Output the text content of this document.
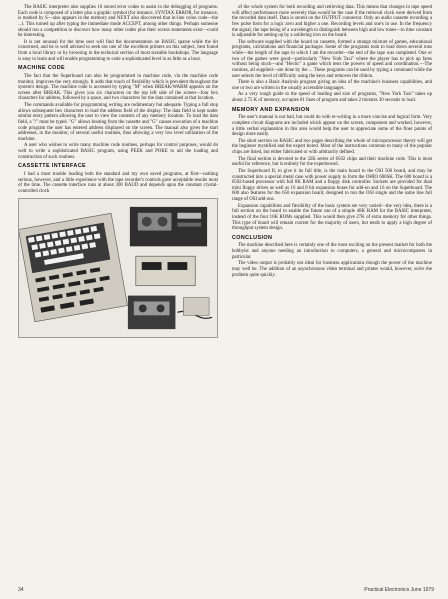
The BASIC interpreter also supplies 10 stored error codes to assist in the debugging of programs. Each code is composed of a letter plus a graphic symbol (for instance, SYNTAX ERROR, for instance, is marked by S—also appears in the memory and NEXT also discovered that in-line colon code—the ...). This turned up after typing the immediate mode ACCEPT, among other things. Perhaps someone should run a competition to discover how many other codes plus their access statements exist—could be interesting.

It is not unusual for the time user will find the documentation on BASIC sparse while the kit concerned, and he is well advised to seek out one of the excellent primers on this subject, best found from a local library or by browsing in the technical section of most sizeable bookshops. The language is easy to learn and will enable programming to code a sophisticated level in as little as a hour.

MACHINE CODE

The fact that the Superboard can also be programmed in machine code, via the machine code monitor, improves the very strongly. It adds that touch of flexibility which is prevalent throughout the system's design. The machine code is accessed by typing "M" when BREAK/WARM appears on the screen after BREAK. This gives you six characters on the top left side of the screen—four hex characters for address, followed by a space, and two characters for the data contained at that location.

The commands available for programming writing are rudimentary but adequate. Typing a full stop allows subsequent hex characters to load the address field of the display. The data field is kept under similar entry pattern allowing the user to view the contents of any memory location. To load the data field, a "/" must be typed. "G" allows booting from the cassette and "G" causes execution of a machine code program the user has entered address displayed on the screen. The manual also gives the start addresses, in the monitor, of several useful routines, thus allowing a very low level utilization of the machine.

A user who wishes to write many machine code routines, perhaps for control purposes, would do well to write a sophisticated BASIC program, using PEEK and POKE to aid the loading and construction of such routines.

CASSETTE INTERFACE

I had a most trouble loading both the standard and my own saved programs, at first—nothing serious, however, and a little experience with the tape recorder's controls gave acceptable results most of the time. The cassette interface runs at about 300 BAUD and depends upon the constant crystal-controlled clock

of the whole system for both recording and retrieving data. This means that changes in tape speed will affect performance more severely than would be the case if the retrieval clock were derived from the recorded data itself. Data is stored on the OUTPUT connector. Only an audio cassette recording a few pulse form for a logic zero and higher a one. Recording levels and one's in use. In the frequency the signal, the tape being of a wavelength to distinguish between high and low tones—in time constant is adjustable for setting up by a soldering iron on the board.

The software supplied with the board on cassette, formed a strange mixture of games, educational programs, calculations and financial packages. Some of the programs took to load down several runs while—the length of the tape in which I am the recorder—the end of the tape was completed. One or two of the games were good—particularly "New York Taxi" where the player has to pick up fares without being stuck—and "Hectic" a game which tests the powers of speed and coordination.—The routines, all supplied—are done by the ... These programs can be used by typing a command while the user selects the level of difficulty using the keys and removes the ribbon.

There is also a Basic Analysis program giving an idea of the machine's business capabilities, and one or two are written in the usually accessible languages.

As a very rough guide to the speed of loading and size of programs, "New York Taxi" takes up about 2.75 K of memory, occupies 81 lines of program and takes 2 minutes 30 seconds to load.

MEMORY AND EXPANSION

The user's manual is not bad, but could do with re-writing in a more concise and logical form. Very complete circuit diagrams are included which appear on the screen, component and worked, however, a little verbal explanation in this area would help the user to appreciate some of the finer points of design more easily.

The short section on BASIC and two pages describing the whole of microprocessor theory will get the beginner mystified and the expert bored. Most of the instructions common to many of the popular chips are listed, but either fabricated or with arbitrarily defined.

The final section is devoted to the 32K series of 6502 chips and their machine code. This is most useful for reference, but is entirely for the experienced.

The Superboard II, to give it its full title, is the main board to the OSI 500 board, and may be constructed into a special metal case with power supply to form the OHIO 600SK. The 600 board is a 6502-based processor with full 8K RAM and a floppy disk controller. Sockets are provided for dual mini floppy drives as well as 16 and 8 bit expansion buses for add-on and 16 on the Superboard. The 600 also features for the 650 expansion board, designed to run the OSI single and the same line full range of OSI add-ons.

Expansion capabilities and flexibility of the basic system are very varied—the very idea, there is a full section on the board to enable the future use of a simple 48K RAM for the BASIC interpreter, instead of the four 16K ROMs supplied. This would then give 27K of extra memory for other things. This type of board will remain current for the majority of users, but tends to apply a high degree of throughput system design.

CONCLUSION

The machine described here is certainly one of the most exciting on the present market for both the hobbyist and anyone needing an introduction to computers, a general and microcomputers in particular.

The video output is probably not ideal for business applications though the power of the machine may well be. The addition of an asynchronous video terminal and printer would, however, solve the problem quite quickly.

34	Practical Electronics June 1979
